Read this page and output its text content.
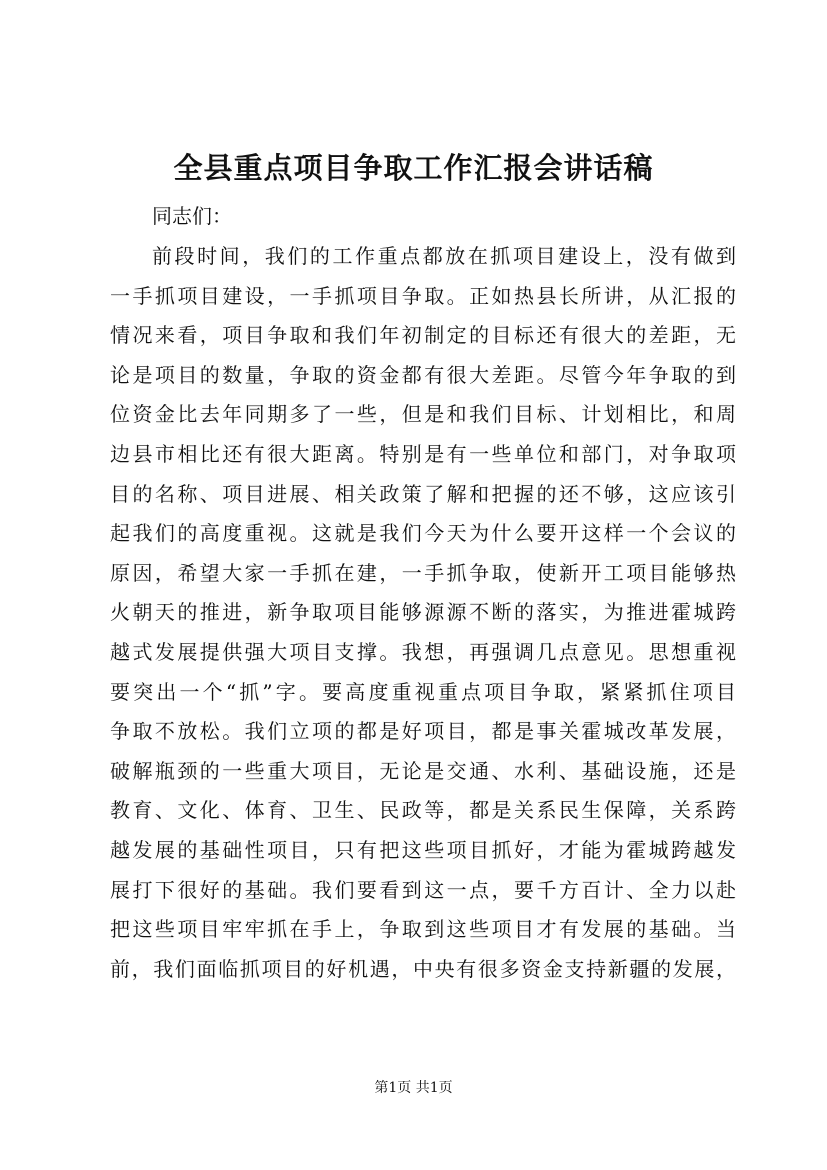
全县重点项目争取工作汇报会讲话稿

同志们：

前段时间，我们的工作重点都放在抓项目建设上，没有做到
一手抓项目建设，一手抓项目争取。正如热县长所讲，从汇报的
情况来看，项目争取和我们年初制定的目标还有很大的差距，无
论是项目的数量，争取的资金都有很大差距。尽管今年争取的到
位资金比去年同期多了一些，但是和我们目标、计划相比，和周
边县市相比还有很大距离。特别是有一些单位和部门，对争取项
目的名称、项目进展、相关政策了解和把握的还不够，这应该引
起我们的高度重视。这就是我们今天为什么要开这样一个会议的
原因，希望大家一手抓在建，一手抓争取，使新开工项目能够热
火朝天的推进，新争取项目能够源源不断的落实，为推进霍城跨
越式发展提供强大项目支撑。我想，再强调几点意见。思想重视
要突出一个“抓”字。要高度重视重点项目争取，紧紧抓住项目
争取不放松。我们立项的都是好项目，都是事关霍城改革发展，
破解瓶颈的一些重大项目，无论是交通、水利、基础设施，还是
教育、文化、体育、卫生、民政等，都是关系民生保障，关系跨
越发展的基础性项目，只有把这些项目抓好，才能为霍城跨越发
展打下很好的基础。我们要看到这一点，要千方百计、全力以赴
把这些项目牢牢抓在手上，争取到这些项目才有发展的基础。当
前，我们面临抓项目的好机遇，中央有很多资金支持新疆的发展，

第1页 共1页
